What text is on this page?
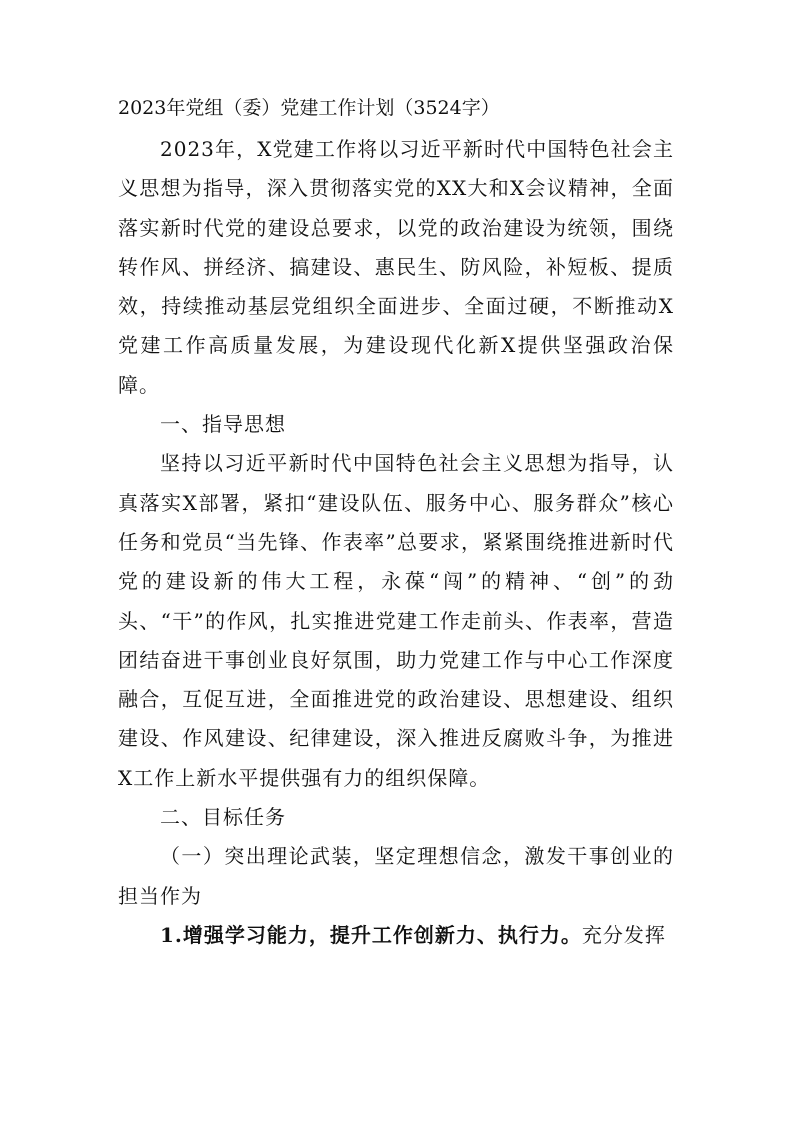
2023年党组（委）党建工作计划（3524字）

2023年，X党建工作将以习近平新时代中国特色社会主义思想为指导，深入贯彻落实党的XX大和X会议精神，全面落实新时代党的建设总要求，以党的政治建设为统领，围绕转作风、拼经济、搞建设、惠民生、防风险，补短板、提质效，持续推动基层党组织全面进步、全面过硬，不断推动X党建工作高质量发展，为建设现代化新X提供坚强政治保障。

一、指导思想

坚持以习近平新时代中国特色社会主义思想为指导，认真落实X部署，紧扣“建设队伍、服务中心、服务群众”核心任务和党员“当先锋、作表率”总要求，紧紧围绕推进新时代党的建设新的伟大工程，永葆“闯”的精神、“创”的劲头、“干”的作风，扎实推进党建工作走前头、作表率，营造团结奋进干事创业良好氛围，助力党建工作与中心工作深度融合，互促互进，全面推进党的政治建设、思想建设、组织建设、作风建设、纪律建设，深入推进反腐败斗争，为推进X工作上新水平提供强有力的组织保障。

二、目标任务

（一）突出理论武装，坚定理想信念，激发干事创业的担当作为

1.增强学习能力，提升工作创新力、执行力。充分发挥
